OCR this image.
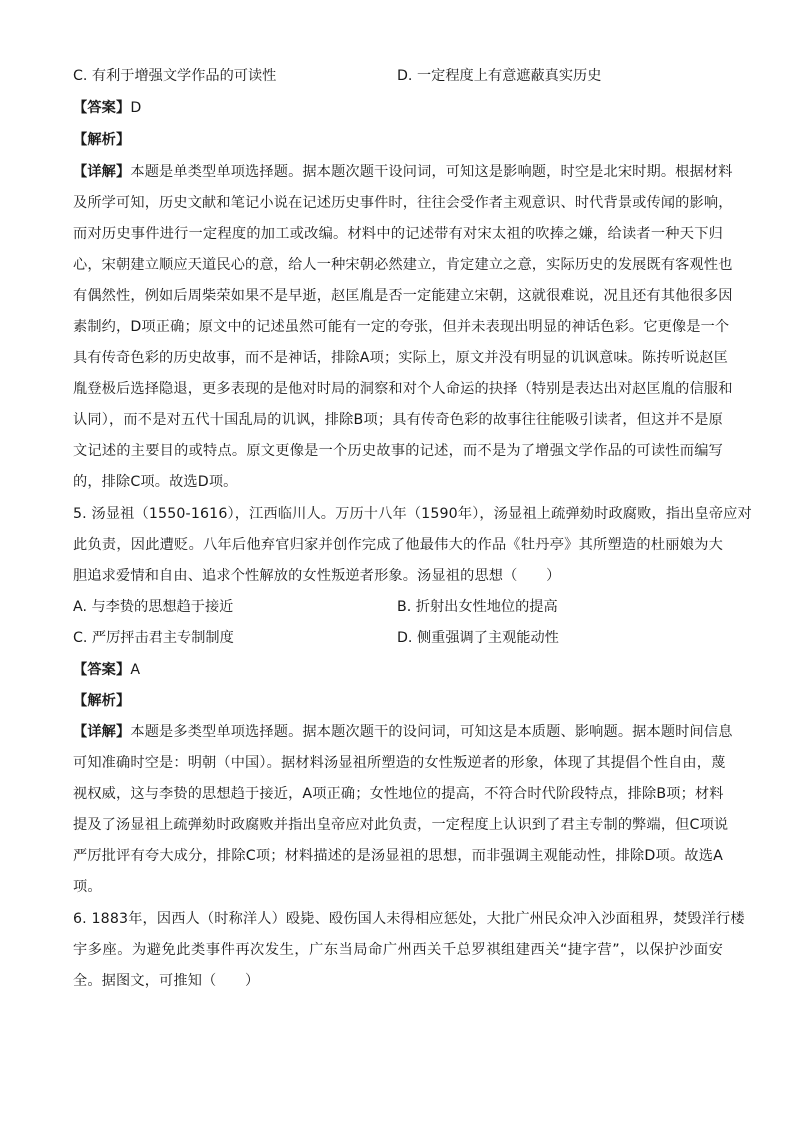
C. 有利于增强文学作品的可读性	D. 一定程度上有意遮蔽真实历史
【答案】D
【解析】
【详解】本题是单类型单项选择题。据本题次题干设问词，可知这是影响题，时空是北宋时期。根据材料
及所学可知，历史文献和笔记小说在记述历史事件时，往往会受作者主观意识、时代背景或传闻的影响，
而对历史事件进行一定程度的加工或改编。材料中的记述带有对宋太祖的吹捧之嫌，给读者一种天下归
心，宋朝建立顺应天道民心的意，给人一种宋朝必然建立，肯定建立之意，实际历史的发展既有客观性也
有偶然性，例如后周柴荣如果不是早逝，赵匡胤是否一定能建立宋朝，这就很难说，况且还有其他很多因
素制约，D项正确；原文中的记述虽然可能有一定的夸张，但并未表现出明显的神话色彩。它更像是一个
具有传奇色彩的历史故事，而不是神话，排除A项；实际上，原文并没有明显的讥讽意味。陈抟听说赵匡
胤登极后选择隐退，更多表现的是他对时局的洞察和对个人命运的抉择（特别是表达出对赵匡胤的信服和
认同），而不是对五代十国乱局的讥讽，排除B项；具有传奇色彩的故事往往能吸引读者，但这并不是原
文记述的主要目的或特点。原文更像是一个历史故事的记述，而不是为了增强文学作品的可读性而编写
的，排除C项。故选D项。
5. 汤显祖（1550-1616），江西临川人。万历十八年（1590年），汤显祖上疏弹劾时政腐败，指出皇帝应对
此负责，因此遭贬。八年后他弃官归家并创作完成了他最伟大的作品《牡丹亭》其所塑造的杜丽娘为大
胆追求爱情和自由、追求个性解放的女性叛逆者形象。汤显祖的思想（　　）
A. 与李贽的思想趋于接近	B. 折射出女性地位的提高
C. 严厉抨击君主专制制度	D. 侧重强调了主观能动性
【答案】A
【解析】
【详解】本题是多类型单项选择题。据本题次题干的设问词，可知这是本质题、影响题。据本题时间信息
可知准确时空是：明朝（中国）。据材料汤显祖所塑造的女性叛逆者的形象，体现了其提倡个性自由，蔑
视权威，这与李贽的思想趋于接近，A项正确；女性地位的提高，不符合时代阶段特点，排除B项；材料
提及了汤显祖上疏弹劾时政腐败并指出皇帝应对此负责，一定程度上认识到了君主专制的弊端，但C项说
严厉批评有夸大成分，排除C项；材料描述的是汤显祖的思想，而非强调主观能动性，排除D项。故选A
项。
6. 1883年，因西人（时称洋人）殴毙、殴伤国人未得相应惩处，大批广州民众冲入沙面租界，焚毁洋行楼
宇多座。为避免此类事件再次发生，广东当局命广州西关千总罗祺组建西关“捷字营”，以保护沙面安
全。据图文，可推知（　　）
